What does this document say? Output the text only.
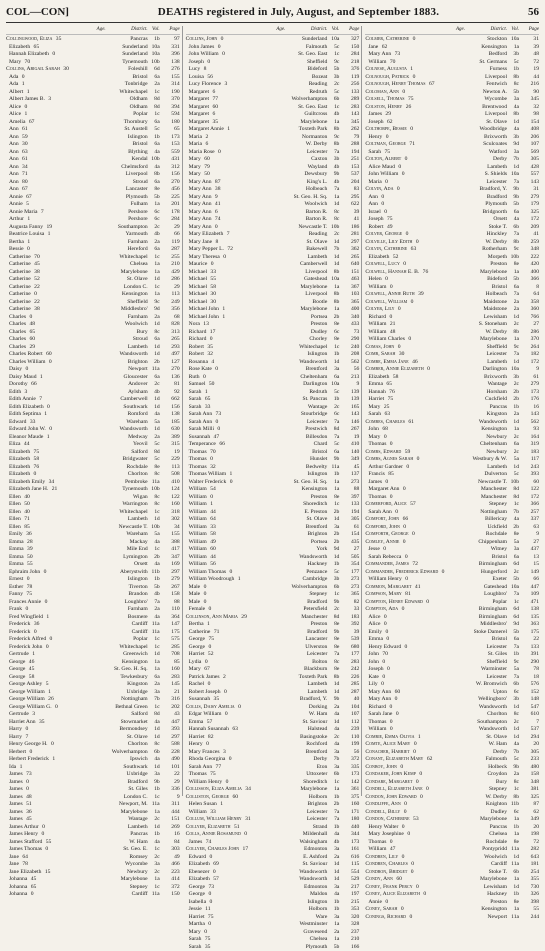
COL—CON]	DEATHS registered in July, August, and September 1883.	56
Age.	District. Vol.	Page
Collingwood, Eliza 35	Pancras	1b	97
Elizabeth 65	Sunderland 10a	331
Hannah Elizabeth 0	Sunderland 10a	396
Mary 70	Tynemouth 10b	138
Collins, Abigail Sarah 30	Foleshill	6d	276
Ada 0	Bristol	6a	155
Ada 1	Tonbridge	2a	314
Albert 1	Whitechapel	1c	190
Albert James B. 3	Oldham	8d	370
Alice 0	Oldham	8d	394
Alice 1	Poplar	1c	594
Amelia 67	Thornbury	6a	180
Ann 61	St. Austell	5c	65
Ann 59	Islington	1b	173
Ann 30	Bristol	6a	153
Ann 63	Blything	4a	559
Ann 61	Kendal 10b	431
Ann 34	Chelmsford	4a	312
Ann 71	Liverpool	8b	156
Ann 80	Stroud	6a	270
Ann 67	Lancaster	8e	456
Annie 67	Plymouth	5b	225
Annie 5	Fulham	1a	201
Annie Maria 7	Pershore	6c	178
Arthur 1	Pershore	6c	284
Augusta Fanny 19	Southampton	2c	29
Beatrice Louisa 1	Yarmouth	4b	66
Bertha 1	Farnham	2a	119
Bessie 0	Hereford	6a	287
Catherine 70	Whitechapel	1c	255
Catherine 45	Chelsea	1a	210
Catherine 38	Marylebone	1a	429
Catherine 52	St. Olave	1d	286
Catherine 22	London C.	1c	29
Catherine 0	Kensington	1a	113
Catherine 22	Sheffield	9c	249
Catherine 38	Middlesbro'	9d	356
Charles 0	Farnham	2a	68
Charles 48	Woolwich	1d	828
Charles 65	Bury	8c	313
Charles 60	Stroud	6a	265
Charles 29	Lambeth	1d	293
Charles Robert 60	Wandsworth	1d	497
Charles William 0	Brighton	2b	127
Daisy 0	Newport 11a	270
Daisy Maud 1	Gloucester	6a	136
Dorothy 66	Andover	2c	81
Edith 3	Aylsham	4b	92
Edith Annie 7	Camberwell	1d	662
Edith Elizabeth 0	Southwark	1d	156
Edith Septima 1	Romford	4a	138
Edward 33	Wareham	5a	185
Edward John W. 0	Wandsworth	1d	630
Eleanor Maude 1	Medway	2a	389
Eliza 44	Yeovil	5c	315
Elizabeth 75	Salford	8d	19
Elizabeth 58	Bridgwater	5c	229
Elizabeth 76	Rochdale	8e	113
Elizabeth 0	Chorlton	8c	508
Elizabeth Emily 34	Pembroke 11a	410
Elizabeth Jane H. 21	Tynemouth 10b	124
Ellen 40	Wigan	8c	122
Ellen 50	Warrington	8c	160
Ellen 40	Whitechapel	1c	318
Ellen 71	Lambeth	1d	302
Ellen 85	Newcastle T. 10b	34
Emily 36	Wareham	5a	155
Emma 28	Mackay	4a	388
Emma 39	Mile End	1c	417
Emma 50	Lymington	2b	347
Emma 55	Orsett	4a	169
Ephraim John 0	Aberystwith 11b	297
Ernest 0	Islington	1b	279
Esther 78	Tiverton	5b	267
Fanny 75	Brandon	4b	158
Frances Annie 0	Loughbro'	7a	88
Frank 0	Farnham	2a	110
Fred Wingfield 1	Bosmere	4a	364
Frederick 36	Cardiff 11a	147
Frederick 0	Cardiff 11a	175
Frederick Alfred 0	Poplar	1c	575
Frederick John 0	Whitechapel	1c	285
Gertrude 1	Greenwich	1d	708
George 46	Kensington	1a	85
George 45	St. Geo. H. Sq.	1a	160
George 58	Tewkesbury	6a	283
George Ashley 5	Kingston	2a	145
George William 1	Uxbridge	3a	21
George William 26	Nottingham	7b	316
George William G. 0	Bethnal Green	1c	202
Gertrude 3	Salford	8d	43
Harriet Ann 35	Stowmarket	4a	447
Harry 0	Bermondsey	1d	393
Harry 7	St. Olave	1d	297
Henry George H. 0	Chorlton	8c	588
Herbert 0	Wolverhampton	6b	228
Herbert Frederick 1	Ipswich	4a	490
Ida 1	Southwark	1d	101
James 73	Uxbridge	3a	22
James 0	Bradford	9b	29
James 0	St. Giles	1b	336
James 48	London C.	1c	9
James 51	Newport, M. 11a	311
James 36	Marylebone	1a	444
James 45	Wantage	2c	151
James Arthur 0	Lambeth	1d	269
James Henry 0	Pancras	1b	16
James Stafford 55	W. Ham	4a	84
James Thomas 0	St. Geo. E.	1c	303
Jane 64	Romsey	2c	49
Jane 78	Wycombe	3a	466
Jane Elizabeth 15	Newbury	2c	223
Johanna 45	Marylebone	1a	414
Johanna 65	Stepney	1c	372
Johanna 0	Cardiff 11a	150
Age.	District. Vol.	Page
Collins, John 0	Sunderland 10a	327
John James 0	Falmouth	5c	150
John William 0	St. Geo. East	1c	284
Joseph 0	Sheffield	9c	218
Lucy 8	Bideford	5b	376
Louisa 56	Bozeat	3b	119
Lucy Florence 3	Reading	2c	256
Margaret 6	Redruth	5c	133
Margaret 77	Wolverhampton	6b	289
Margaret 60	St. Geo. East	1c	283
Margaret 6	Guiltcross	4b	143
Margaret 35	Marylebone	1a	345
Margaret Annie 1	Toxteth Park	8b	262
Maria 2	Normanton	9c	79
Maria 6	W. Derby	8b	288
Maria Rose 0	Leicester	7a	194
Mary 60	Caxton	3b	251
Mary 79	Wayland	4b	153
Mary 50	Dewsbury	9b	537
Mary Ann 87	King's L.	4b	204
Mary Ann 38	Holbeach	7a	83
Mary Ann 9	St. Geo. H. Sq.	1a	295
Mary Ann 41	Woolwich	1d	622
Mary Ann 6	Barton R.	8c	39
Mary Ann 74	Barton R.	8c	41
Mary Ann 0	Newcastle T. 10b	186
Mary Elizabeth 7	Reading	2c	281
Mary Jane 8	St. Olave	1d	297
Mary Pepper L. 72	Bakewell	7b	362
Mary Theresa 0	Lambeth	1d	265
Maurice 0	Camberwell	1d	640
Michael 33	Liverpool	8b	151
Michael 55	Gateshead 10a	463
Michael 58	Marylebone	1a	367
Michael 30	Liverpool	8b	103
Michael 30	Bootle	8b	365
Michael John 1	Marylebone	1a	400
Michael John 1	Portsea	2b	340
Nora 13	Preston	8e	433
Richard 17	Dudley	6c	73
Richard 0	Chorley	8e	290
Robert 35	Whitechapel	1c	240
Robert 32	Islington	1b	208
Rosanna 4	Wandsworth	1d	562
Rose Kate 0	Brentford	3a	56
Ruth 0	Cheltenham	6a	213
Samuel 50	Darlington 10a	9
Sarah 1	Redruth	5c	139
Sarah 65	St. Pancras	1b	139
Sarah 33	Wantage	2c	165
Sarah Ann 73	Stourbridge	6c	143
Sarah Ann 0	Leicester	7a	146
Sarah Milli 0	Prestwich	8d	267
Susannah 47	Billesdon	7a	19
Temperance 66	Chard	5c	410
Thomas 70	Bristol	6a	140
Thomas 0	Hunslet	9b	349
Thomas 32	Bedwelty 11a	45
Thomas William 1	Islington	1b	137
Walter Frederick 0	St. Geo. H. Sq.	1a	273
William 54	Kensington	1a	88
William 0	Preston	8e	397
William 1	Shoreditch	1c	133
William 44	E. Preston	2b	194
William 64	St. Olave	1d	305
William 33	Brentford	3a	61
William 58	Brighton	2b	154
William 49	Portsea	2b	435
William 60	York	9d	27
William 44	Wandsworth	1d	505
William 56	Hackney	1b	354
William Thomas 0	Penzance	5c	177
William Woodrough 1	Cambridge	3b	273
Male 0	Wolverhampton	6b	273
Male 0	Stepney	1c	365
Male 0	Bradford	9b	82
Female 0	Petersfield	2c	33
Collinson, Ann Maria 29	Manchester	8d	183
Bertha 1	Preston	8e	392
Catherine 71	Bradford	9b	39
George 75	Lancaster	8e	539
George 0	Ulverston	8e	680
Harriet 52	Leicester	7a	177
Lydia 0	Bolton	8c	283
Mary 67	Blackburn	8e	242
Patrick James 2	Toxteth Park	8b	226
Rachel 0	Lambeth	1d	285
Robert Joseph 0	Lambeth	1d	287
Susannah 35	Bradford, Y.	9b	40
Collis, Daisy Amelia 0	Dorking	2a	104
Edgar William 0	W. Ham	4a	107
Emma 57	St. Saviour	1d	112
Hannah Susannah 63	Halstead	4a	239
Harriet 82	Basingstoke	2c	110
Henry 0	Rochford	4a	199
Mary Frances 3	Brentford	3a	56
Rhoda Georgina 0	Derby	7b	372
Sarah Ann 77	Eton	3a	335
Thomas 75	Uttoxeter	6b	173
William Henry 0	Shoreditch	1c	142
Collisson, Eliza Amelia 34	Marylebone	1a	361
Colliston, George 60	Holborn	1b	375
Helen Susan 1	Brighton	2b	160
William 33	Leicester	7a	171
Collum, William Henry 31	Leicester	7a	180
Collyer, Elizabeth 51	Strand	1b	440
Colls, Annie Rosamund 0	Mildenhall	4a	344
James 74	Walsingham	4b	173
Collyer, Charles John 17	Edmonton	3a	161
Edward 0	E. Ashford	2a	616
Elizabeth 69	St. Saviour	1d	115
Ebenezer 0	Wandsworth	1d	554
Elizabeth 57	Wandsworth	1d	529
George 73	Edmonton	3a	217
George 0	Maldon	4a	197
Isabella 0	Islington	1b	215
Jessie 11	Holborn	1b	353
Harriet 75	Ware	3a	320
Martha 0	Westminster	1a	328
Mary 0	Gravesend	2a	237
Sarah 75	Chelsea	1a	210
Sarah 35	Plymouth	5b	166
Age.	District. Vol.	Page
Colmer, Catherine 0	Stockton 10a	31
Jane 62	Kensington	1a	39
Mary Ann 73	Bedford	3b	48
William 70	St. Germans	5c	72
Colnese, Augusta 1	Furness	1b	19
Colnough, Patrick 0	Liverpool	8b	44
Colnough, Henry Thomas 67	Fentwich	8c	216
Coloman, Ann 0	Newton A.	5b	90
Colsell, Thomas 75	Wycombe	3a	345
Colston, Henry 26	Brentwood	4a	32
James 29	Liverpool	8b	98
Joseph 62	St. Olave	1d	154
Colthorpe, Bessie 0	Woodbridge	4a	408
Henry 0	Brixworth	3b	206
Coltman, George 71	Sculcoates	9d	107
Sarah 75	Watford	3a	569
Colton, Albert 0	Derby	7b	305
Alice Maud 0	Lambeth	1d	428
John William 0	S. Shields 10a	557
Maria 0	Leicester	7a	143
Colvin, Ada 0	Bradford, Y.	9b	31
Ann 0	Bradford	9b	279
Ann 0	Plymouth	5b	179
Israel 0	Bridgnorth	6a	325
Joseph 75	Orsett	4a	172
Robert 49	Stoke T.	6b	209
Colver, George 0	Hinckley	7a	41
Colville, Lily Edith 0	W. Derby	8b	259
Colvin, Catherine 63	Rotherham	9c	348
Elizabeth 52	Morpeth 10b	222
Colwell, Lucy 0	Preston	8e	420
Colwell, Hannah E. B. 76	Marylebone	1a	400
Helen 0	Bideford	5b	366
William 0	Bristol	6a	8
Colwell, Annie Ruth 39	Holbeach	7a	64
Colwell, William 0	Maidstone	2a	358
Colyer, Lily 0	Maidstone	2a	360
Richard 0	Lewisham	1d	766
William 21	S. Stoneham	2c	27
William 48	W. Derby	8b	286
William Charles 0	Marylebone	1a	370
Comas, John 0	Sheffield	9c	264
Comb, Sarah 30	Leicester	7a	182
Combe, Emma Jane 46	Lambeth	1d	172
Comber, Annie Elizabeth 0	Darlington 10a	9
Elizabeth 58	Brixworth	3b	61
Emma 65	Wantage	2c	279
Hannah 76	Horsham	2b	173
Harriet 75	Cuckfield	2b	176
Mary 25	Pancras	1b	16
Sarah 63	Kingston	2a	143
Combes, Charles 61	Wandsworth	1d	562
John 68	Kensington	1a	93
Mary 0	Newbury	2c	164
Thomas 0	Cheltenham	6a	319
Combs, Edward 59	Newbury	2c	183
Combs, Agnes Sarah 0	Westbury & W.	5a	117
Arthur Gardner 0	Lambeth	1d	243
Francis 85	Dulverton	5c	393
James 0	Newcastle T. 10b	60
Margaret Ann 0	Manchester	8d	122
Thomas 0	Manchester	8d	172
Comerford, Alice 57	Stepney	1c	366
Sarah Ann 0	Nottingham	7b	257
Comfort, John 66	Billericay	4a	337
Comford, John 0	Uckfield	2b	63
Comforth, George 0	Rochdale	8e	9
Comley, Annie 0	Chippenham	5a	27
Jesse 0	Witney	3a	437
Sarah Rebecca 0	Bristol	6a	13
Commander, James 72	Birmingham	6d	15
Commander, Frederick Edward 0	Hungerford	2c	149
William Henry 0	Exeter	5b	66
Common, Margaret 41	Gateshead 10a	447
Compson, Mary 81	Loughbro'	7a	109
Compton, Henry Edward 0	Poplar	1c	471
Compton, Ada 0	Birmingham	6d	138
Alice 0	Birmingham	6d	135
Alice 0	Middlesbro'	9d	363
Emily 0	Stoke Damerel	5b	175
Emma 0	Bristol	6a	22
Henry Edward 0	Leicester	7a	133
John 70	St. Giles	1b	391
John 0	Sheffield	9c	290
Joseph 0	Warminster	5a	78
Kate 0	Leicester	7a	18
Lily 0	W. Bromwich	6b	576
Mary Ann 60	Upton	6c	152
Mary Ann 0	Wellingboro'	3b	148
Richard 0	Wandsworth	1d	547
Sarah Jane 0	Chorlton	8c	610
Thomas 0	Southampton	2c	7
William 0	Wandsworth	1d	537
Comrie, Emma Olivia 1	St. Olave	1d	294
Comte, Alice Mary 0	W. Ham	4a	20
Conacher, Harriet 0	Derby	7b	305
Conant, Elizabeth Mary 62	Falmouth	5c	233
Conboy, John 0	Holbeck	9b	480
Condaker, John Kemp 0	Croydon	2a	158
Condare, Margaret 0	Bury	8c	348
Condell, Elizabeth Jane 0	Stepney	1c	381
Condon, John Edward 0	W. Derby	8b	325
Condliffe, Ann 0	Knighton 11b	87
Condell, Billy 0	Dudley	6c	62
Condon, Catherine 53	Marylebone	1a	349
Henry Walter 0	Pancras	1b	20
Mary Josephine 0	Chelsea	1a	198
Thomas 0	Rochdale	8e	72
William 47	Pontypridd 11a	282
Condren, Lily 0	Woolwich	1d	643
Condren, Charles 0	Cardiff 11a	181
Condron, Bridget 0	Stoke T.	6b	254
Condy, Ann 60	Marylebone	1a	355
Coney, Frank Percy 0	Lewisham	1d	730
Coney, Alice Elizabeth 0	Hackney	1b	326
Annie 0	Preston	8e	398
Coney, Sarah 0	Kensington	1a	55
Conings, Richard 0	Newport 11a	244
